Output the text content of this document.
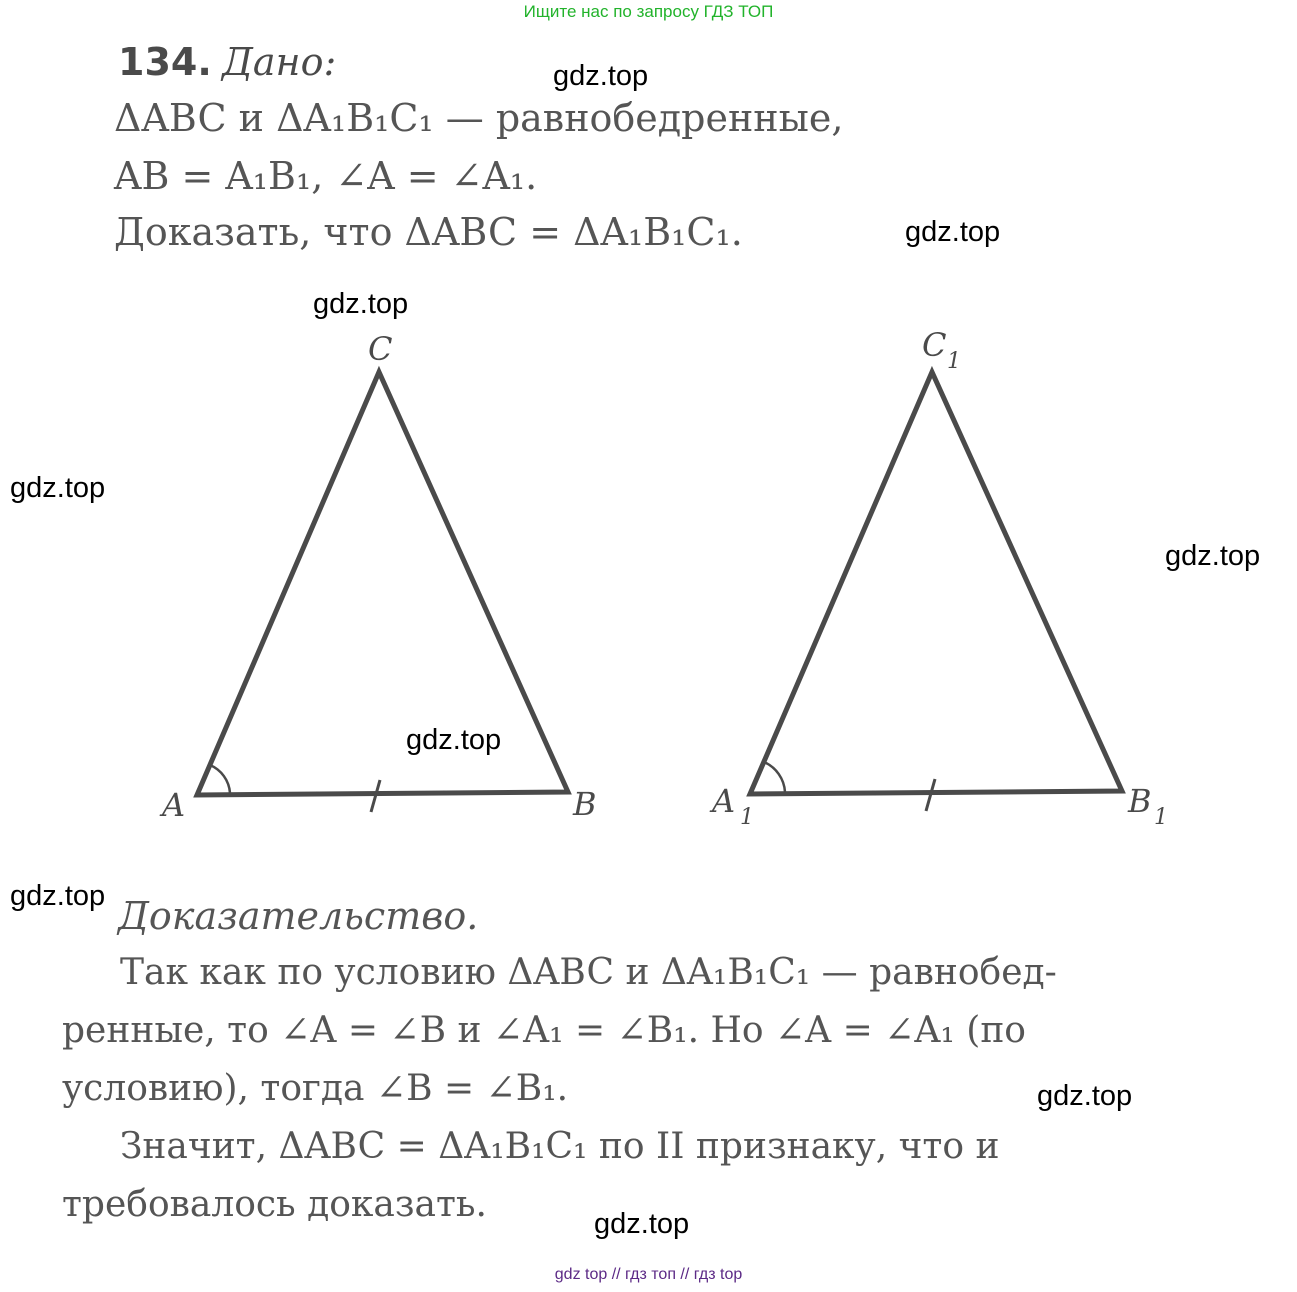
Ищите нас по запросу ГДЗ ТОП
134. Дано:
ΔABC и ΔA₁B₁C₁ — равнобедренные,
AB = A₁B₁, ∠A = ∠A₁.
Доказать, что ΔABC = ΔA₁B₁C₁.
A	B
C
A 1	B 1
C 1
Доказательство.
Так как по условию ΔABC и ΔA₁B₁C₁ — равнобед-
ренные, то ∠A = ∠B и ∠A₁ = ∠B₁. Но ∠A = ∠A₁ (по
условию), тогда ∠B = ∠B₁.
Значит, ΔABC = ΔA₁B₁C₁ по II признаку, что и
требовалось доказать.
gdz.top
gdz.top
gdz.top
gdz.top
gdz.top
gdz.top
gdz.top
gdz.top
gdz.top
gdz top // гдз топ // гдз top
